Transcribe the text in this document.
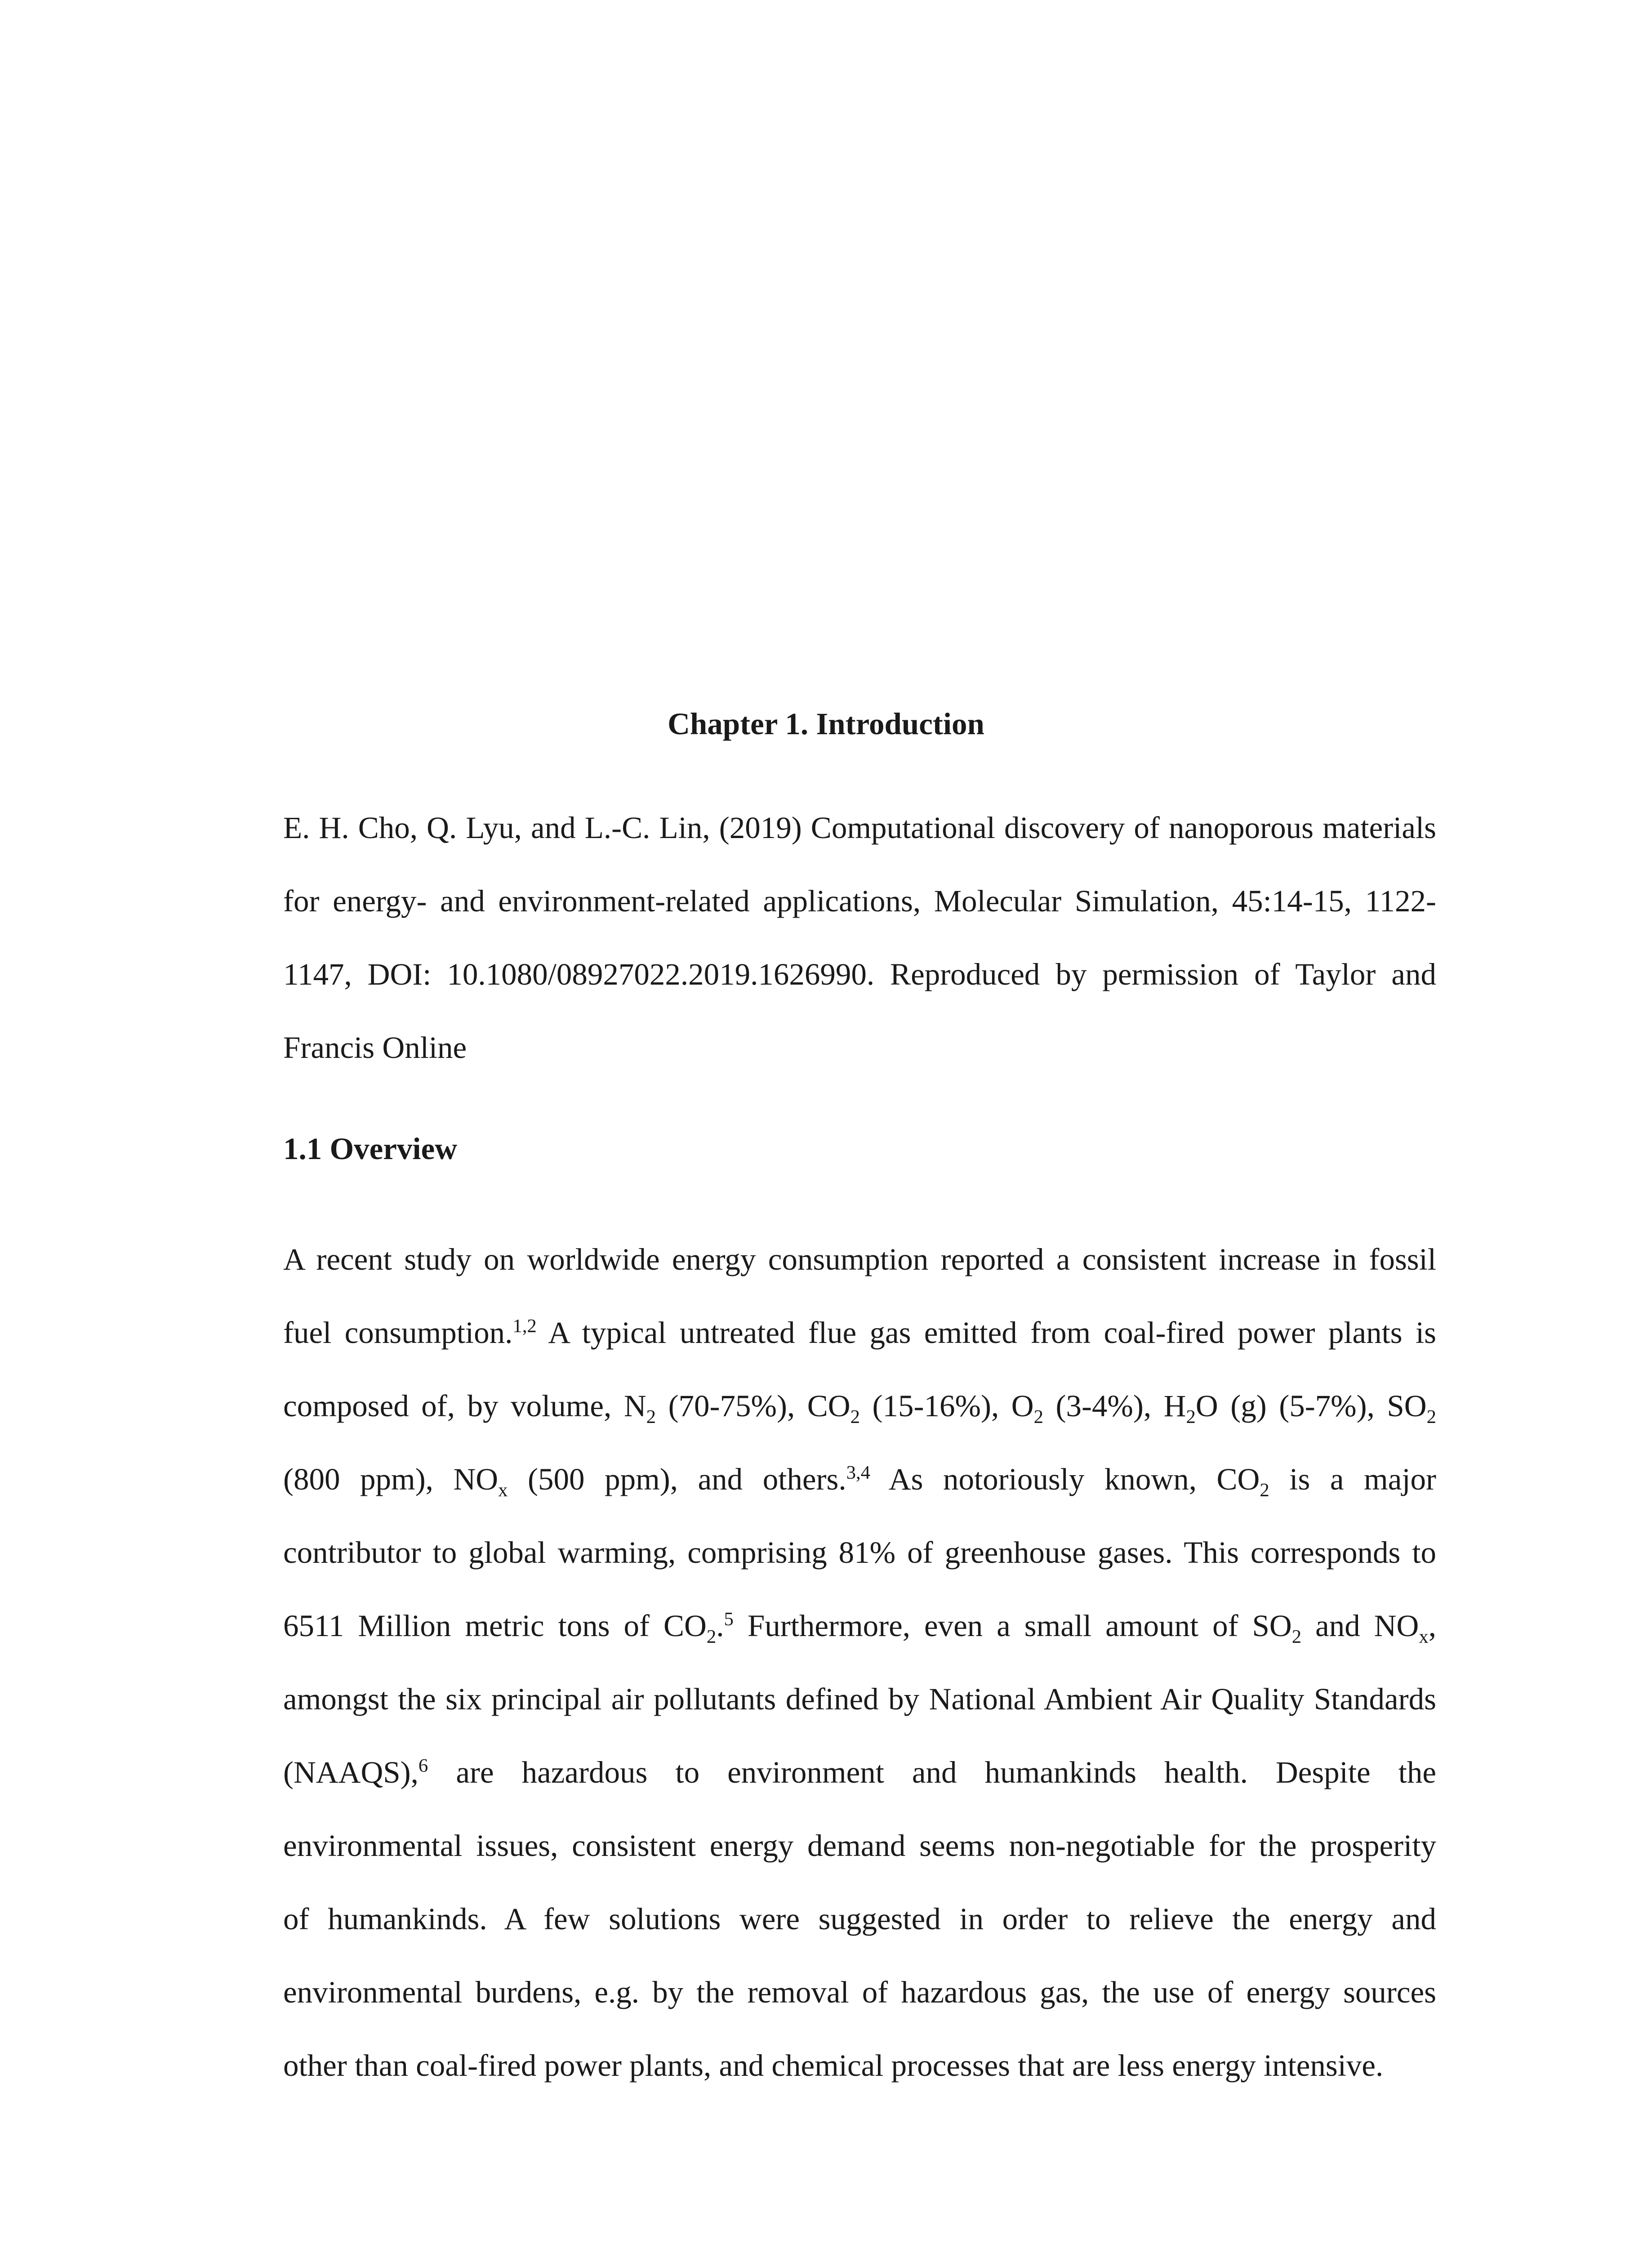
Chapter 1. Introduction
E. H. Cho, Q. Lyu, and L.-C. Lin, (2019) Computational discovery of nanoporous materials
for energy- and environment-related applications, Molecular Simulation, 45:14-15, 1122-
1147, DOI: 10.1080/08927022.2019.1626990. Reproduced by permission of Taylor and
Francis Online
1.1 Overview
A recent study on worldwide energy consumption reported a consistent increase in fossil
fuel consumption.$^{1,2}$ A typical untreated flue gas emitted from coal-fired power plants is
composed of, by volume, $N_2$ (70-75%), $CO_2$ (15-16%), $O_2$ (3-4%), $H_2O$ (g) (5-7%), $SO_2$
(800 ppm), $NO_x$ (500 ppm), and others.$^{3,4}$ As notoriously known, $CO_2$ is a major
contributor to global warming, comprising 81% of greenhouse gases. This corresponds to
6511 Million metric tons of $CO_2.^5$ Furthermore, even a small amount of $SO_2$ and $NO_x$,
amongst the six principal air pollutants defined by National Ambient Air Quality Standards
(NAAQS),$^6$ are hazardous to environment and humankinds health. Despite the
environmental issues, consistent energy demand seems non-negotiable for the prosperity
of humankinds. A few solutions were suggested in order to relieve the energy and
environmental burdens, e.g. by the removal of hazardous gas, the use of energy sources
other than coal-fired power plants, and chemical processes that are less energy intensive.
